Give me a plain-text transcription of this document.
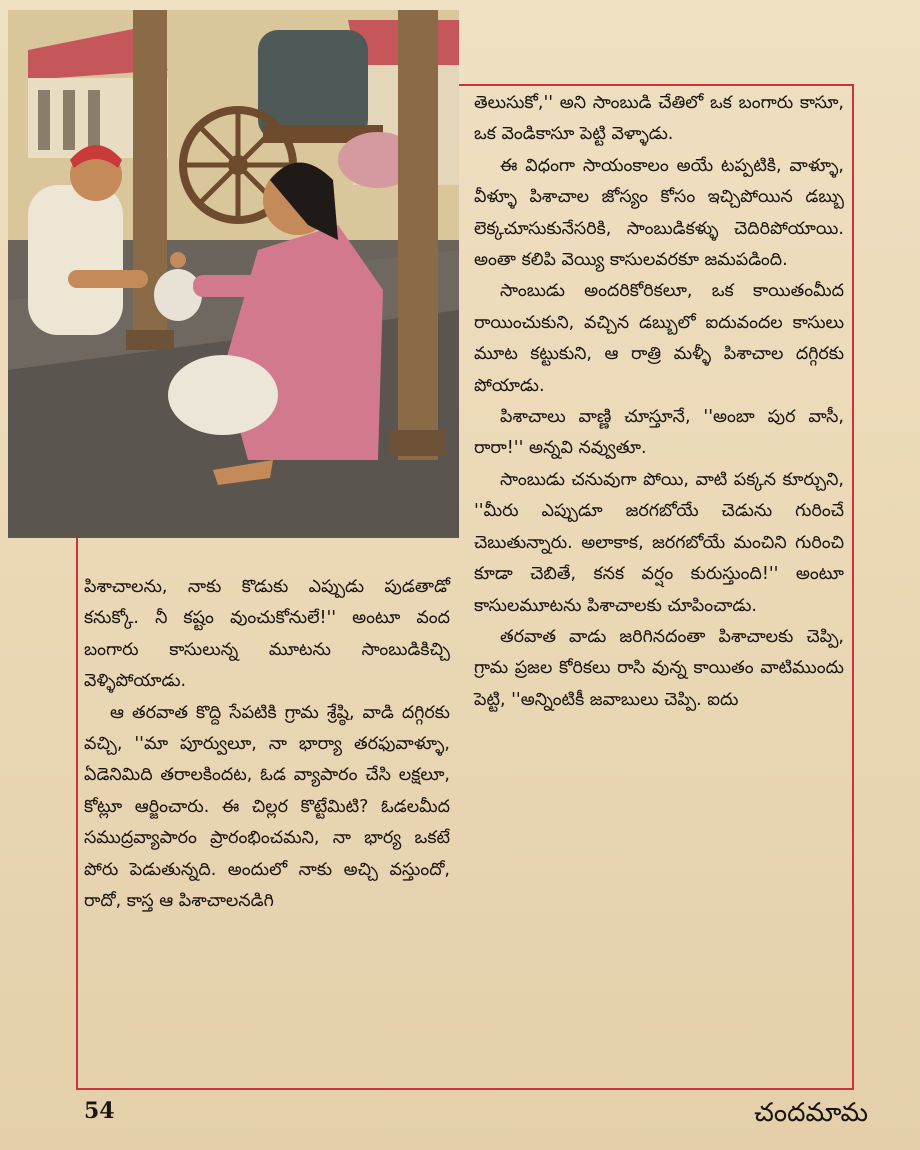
పిశాచాలను, నాకు కొడుకు ఎప్పుడు పుడతాడో కనుక్కో. నీ కష్టం వుంచుకోనులే!'' అంటూ వంద బంగారు కాసులున్న మూటను సాంబుడికిచ్చి వెళ్ళిపోయాడు.

ఆ తరవాత కొద్ది సేపటికి గ్రామ శ్రేష్ఠి, వాడి దగ్గిరకు వచ్చి, ''మా పూర్వులూ, నా భార్యా తరఫువాళ్ళూ, ఏడెనిమిది తరాలకిందట, ఓడ వ్యాపారం చేసి లక్షలూ, కోట్లూ ఆర్జించారు. ఈ చిల్లర కొట్టేమిటి? ఓడలమీద సముద్రవ్యాపారం ప్రారంభించమని, నా భార్య ఒకటే పోరు పెడుతున్నది. అందులో నాకు అచ్చి వస్తుందో, రాదో, కాస్త ఆ పిశాచాలనడిగి

తెలుసుకో,'' అని సాంబుడి చేతిలో ఒక బంగారు కాసూ, ఒక వెండికాసూ పెట్టి వెళ్ళాడు.

ఈ విధంగా సాయంకాలం అయే టప్పటికి, వాళ్ళూ, వీళ్ళూ పిశాచాల జోస్యం కోసం ఇచ్చిపోయిన డబ్బు లెక్కచూసుకునేసరికి, సాంబుడికళ్ళు చెదిరిపోయాయి. అంతా కలిపి వెయ్యి కాసులవరకూ జమపడింది.

సాంబుడు అందరికోరికలూ, ఒక కాయితంమీద రాయించుకుని, వచ్చిన డబ్బులో ఐదువందల కాసులు మూట కట్టుకుని, ఆ రాత్రి మళ్ళీ పిశాచాల దగ్గిరకు పోయాడు.

పిశాచాలు వాణ్ణి చూస్తూనే, ''అంబా పుర వాసీ, రారా!'' అన్నవి నవ్వుతూ.

సాంబుడు చనువుగా పోయి, వాటి పక్కన కూర్చుని, ''మీరు ఎప్పుడూ జరగబోయే చెడును గురించే చెబుతున్నారు. అలాకాక, జరగబోయే మంచిని గురించి కూడా చెబితే, కనక వర్షం కురుస్తుంది!'' అంటూ కాసులమూటను పిశాచాలకు చూపించాడు.

తరవాత వాడు జరిగినదంతా పిశాచాలకు చెప్పి, గ్రామ ప్రజల కోరికలు రాసి వున్న కాయితం వాటిముందు పెట్టి, ''అన్నింటికీ జవాబులు చెప్పి. ఐదు

54	చందమామ
